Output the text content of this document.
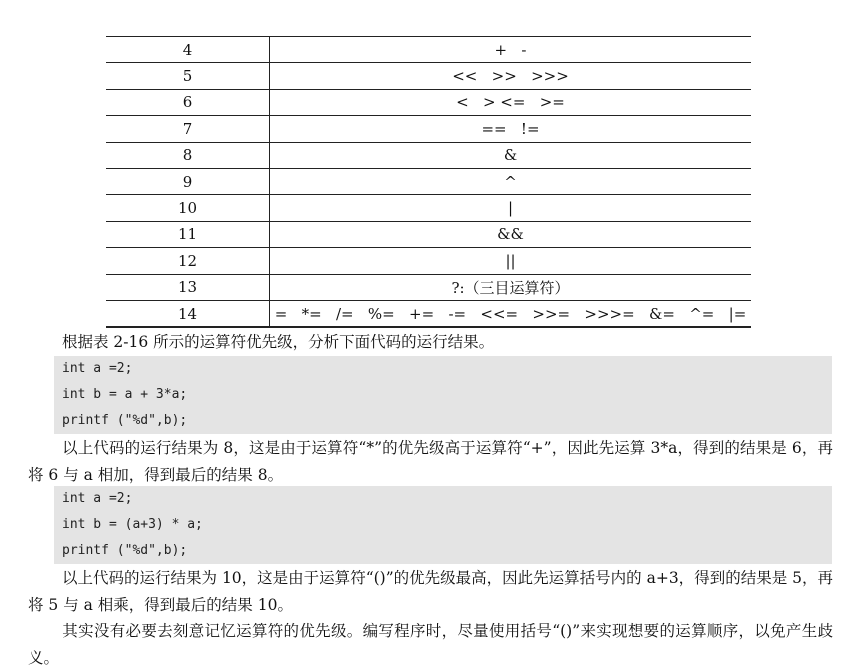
4	+   -
5	<<   >>   >>>
6	<   > <=   >=
7	==   !=
8	&
9	^
10	|
11	&&
12	||
13	?:（三目运算符）
14	=   *=   /=   %=   +=   -=   <<=   >>=   >>>=   &=   ^=   |=

根据表 2-16 所示的运算符优先级，分析下面代码的运行结果。

int a =2;
int b = a + 3*a;
printf ("%d",b);

以上代码的运行结果为 8，这是由于运算符“*”的优先级高于运算符“+”，因此先运算 3*a，得到的结果是 6，再将 6 与 a 相加，得到最后的结果 8。

int a =2;
int b = (a+3) * a;
printf ("%d",b);

以上代码的运行结果为 10，这是由于运算符“()”的优先级最高，因此先运算括号内的 a+3，得到的结果是 5，再将 5 与 a 相乘，得到最后的结果 10。

其实没有必要去刻意记忆运算符的优先级。编写程序时，尽量使用括号“()”来实现想要的运算顺序，以免产生歧义。
